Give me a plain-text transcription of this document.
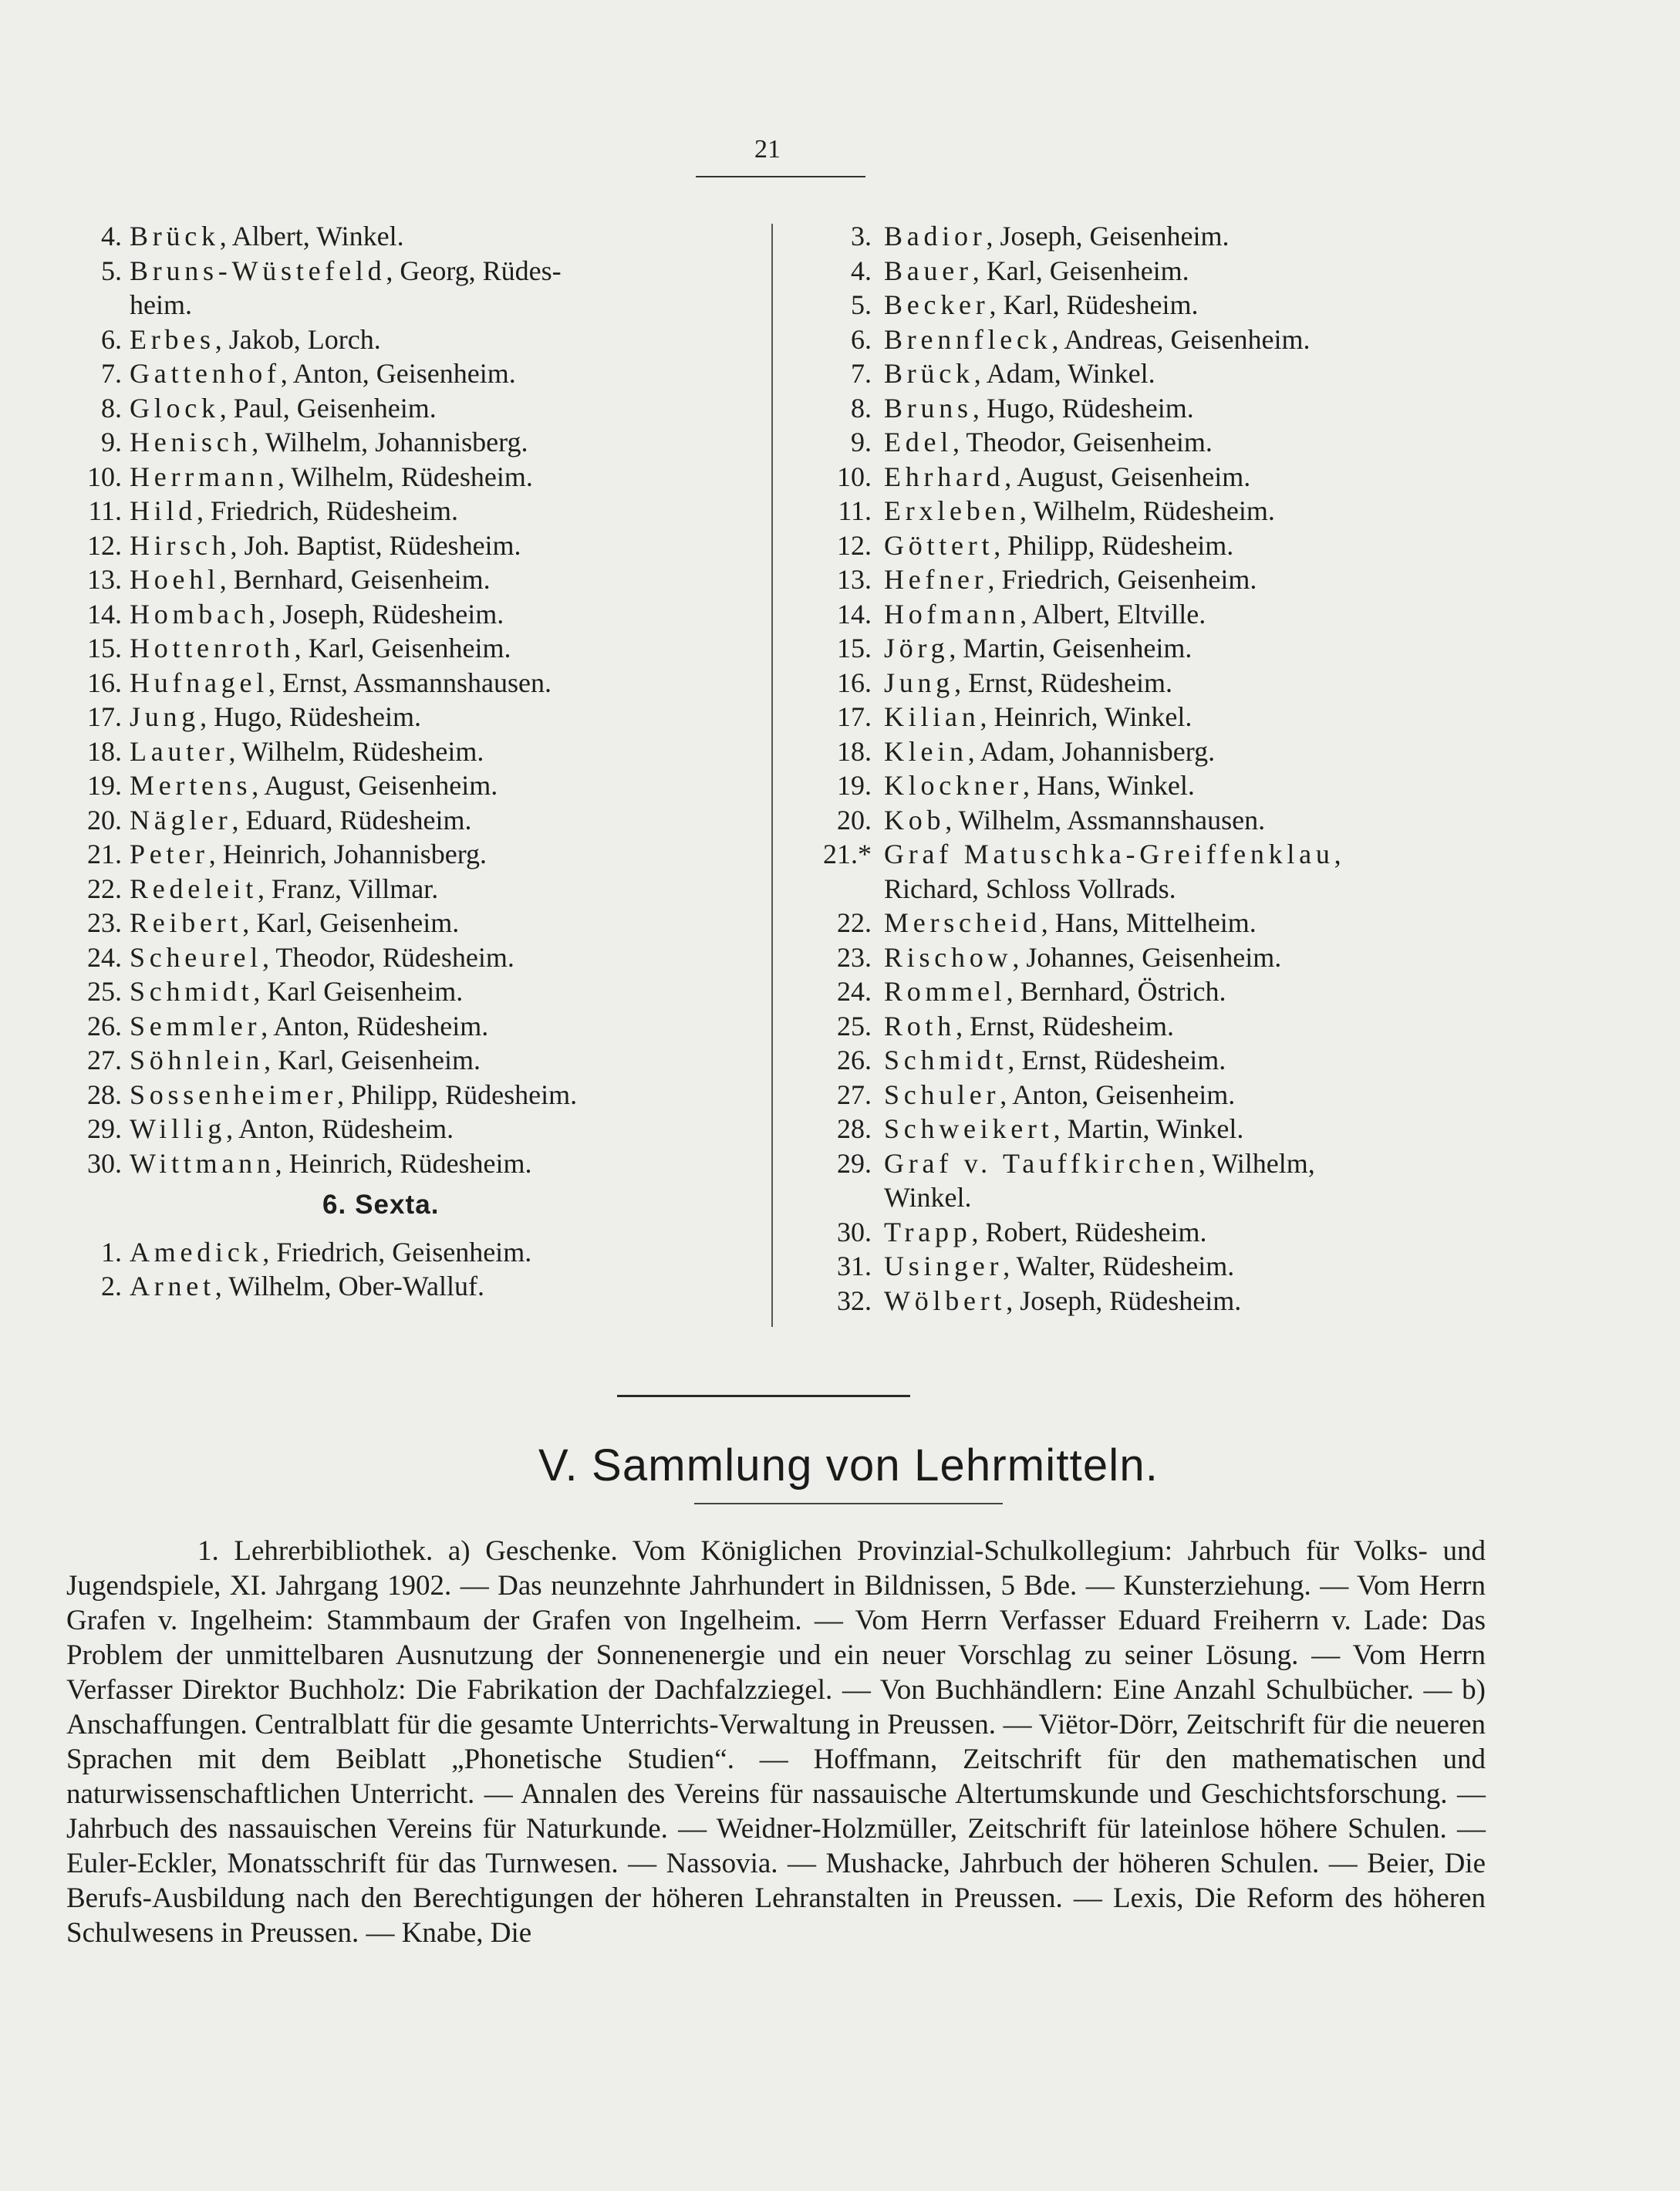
21
4. Brück, Albert, Winkel.
5. Bruns-Wüstefeld, Georg, Rüdes-
heim.
6. Erbes, Jakob, Lorch.
7. Gattenhof, Anton, Geisenheim.
8. Glock, Paul, Geisenheim.
9. Henisch, Wilhelm, Johannisberg.
10. Herrmann, Wilhelm, Rüdesheim.
11. Hild, Friedrich, Rüdesheim.
12. Hirsch, Joh. Baptist, Rüdesheim.
13. Hoehl, Bernhard, Geisenheim.
14. Hombach, Joseph, Rüdesheim.
15. Hottenroth, Karl, Geisenheim.
16. Hufnagel, Ernst, Assmannshausen.
17. Jung, Hugo, Rüdesheim.
18. Lauter, Wilhelm, Rüdesheim.
19. Mertens, August, Geisenheim.
20. Nägler, Eduard, Rüdesheim.
21. Peter, Heinrich, Johannisberg.
22. Redeleit, Franz, Villmar.
23. Reibert, Karl, Geisenheim.
24. Scheurel, Theodor, Rüdesheim.
25. Schmidt, Karl Geisenheim.
26. Semmler, Anton, Rüdesheim.
27. Söhnlein, Karl, Geisenheim.
28. Sossenheimer, Philipp, Rüdesheim.
29. Willig, Anton, Rüdesheim.
30. Wittmann, Heinrich, Rüdesheim.
6. Sexta.
1. Amedick, Friedrich, Geisenheim.
2. Arnet, Wilhelm, Ober-Walluf.
3. Badior, Joseph, Geisenheim.
4. Bauer, Karl, Geisenheim.
5. Becker, Karl, Rüdesheim.
6. Brennfleck, Andreas, Geisenheim.
7. Brück, Adam, Winkel.
8. Bruns, Hugo, Rüdesheim.
9. Edel, Theodor, Geisenheim.
10. Ehrhard, August, Geisenheim.
11. Erxleben, Wilhelm, Rüdesheim.
12. Göttert, Philipp, Rüdesheim.
13. Hefner, Friedrich, Geisenheim.
14. Hofmann, Albert, Eltville.
15. Jörg, Martin, Geisenheim.
16. Jung, Ernst, Rüdesheim.
17. Kilian, Heinrich, Winkel.
18. Klein, Adam, Johannisberg.
19. Klockner, Hans, Winkel.
20. Kob, Wilhelm, Assmannshausen.
21.* Graf Matuschka-Greiffenklau,
Richard, Schloss Vollrads.
22. Merscheid, Hans, Mittelheim.
23. Rischow, Johannes, Geisenheim.
24. Rommel, Bernhard, Östrich.
25. Roth, Ernst, Rüdesheim.
26. Schmidt, Ernst, Rüdesheim.
27. Schuler, Anton, Geisenheim.
28. Schweikert, Martin, Winkel.
29. Graf v. Tauffkirchen, Wilhelm,
Winkel.
30. Trapp, Robert, Rüdesheim.
31. Usinger, Walter, Rüdesheim.
32. Wölbert, Joseph, Rüdesheim.
V. Sammlung von Lehrmitteln.

1. Lehrerbibliothek. a) Geschenke. Vom Königlichen Provinzial-Schulkollegium: Jahrbuch für Volks- und Jugendspiele, XI. Jahrgang 1902. — Das neunzehnte Jahrhundert in Bildnissen, 5 Bde. — Kunsterziehung. — Vom Herrn Grafen v. Ingelheim: Stammbaum der Grafen von Ingelheim. — Vom Herrn Verfasser Eduard Freiherrn v. Lade: Das Problem der unmittelbaren Ausnutzung der Sonnenenergie und ein neuer Vorschlag zu seiner Lösung. — Vom Herrn Verfasser Direktor Buchholz: Die Fabrikation der Dachfalzziegel. — Von Buchhändlern: Eine Anzahl Schulbücher. — b) Anschaffungen. Centralblatt für die gesamte Unterrichts-Verwaltung in Preussen. — Viëtor-Dörr, Zeitschrift für die neueren Sprachen mit dem Beiblatt „Phonetische Studien“. — Hoffmann, Zeitschrift für den mathematischen und naturwissenschaftlichen Unterricht. — Annalen des Vereins für nassauische Altertumskunde und Geschichtsforschung. — Jahrbuch des nassauischen Vereins für Naturkunde. — Weidner-Holzmüller, Zeitschrift für lateinlose höhere Schulen. — Euler-Eckler, Monatsschrift für das Turnwesen. — Nassovia. — Mushacke, Jahrbuch der höheren Schulen. — Beier, Die Berufs-Ausbildung nach den Berechtigungen der höheren Lehranstalten in Preussen. — Lexis, Die Reform des höheren Schulwesens in Preussen. — Knabe, Die
